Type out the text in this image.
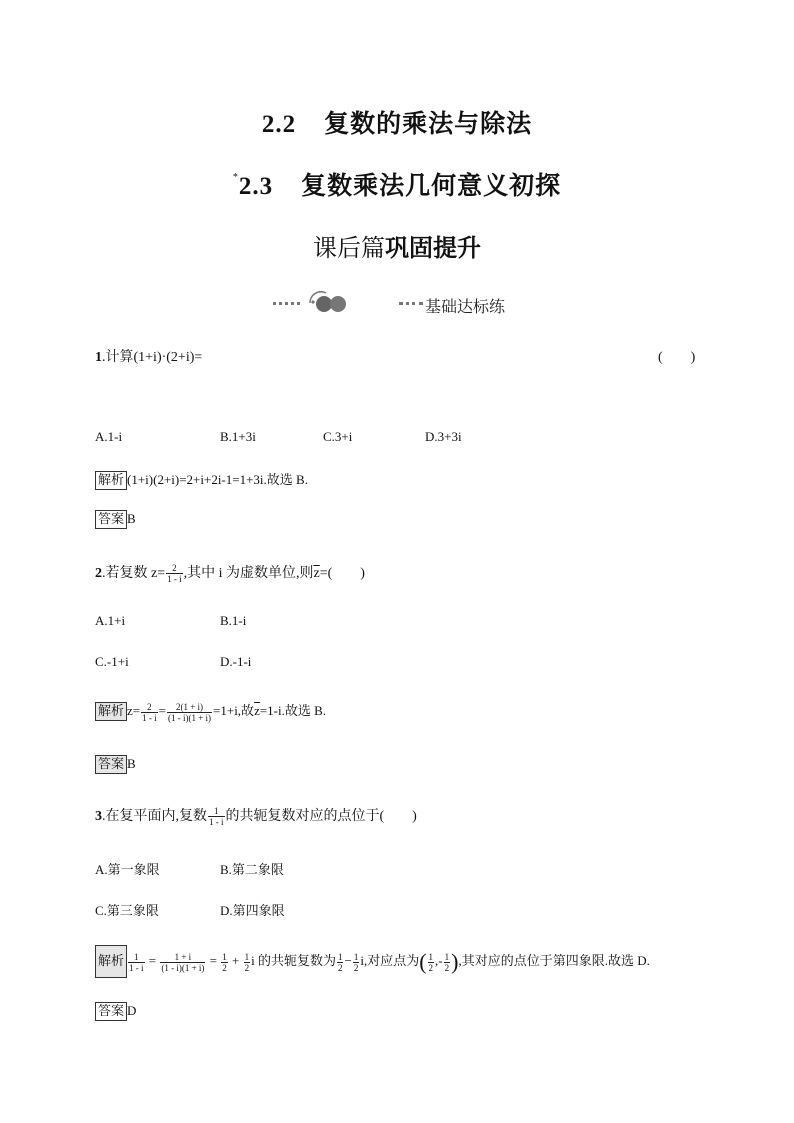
2.2 复数的乘法与除法
*2.3 复数乘法几何意义初探
课后篇巩固提升
基础达标练
1.计算(1+i)·(2+i)=	(　　)
A.1-i	B.1+3i	C.3+i	D.3+3i
解析 (1+i)(2+i)=2+i+2i-1=1+3i.故选 B.
答案 B
2.若复数 $z= \frac{2}{1 - i}$ ,其中 i 为虚数单位,则$\overline{z}=$(　　)
A.1+i	B.1-i
C.-1+i	D.-1-i
解析 $z= \frac{2}{1 - i} = \frac{2(1 + i)}{(1 - i)(1 + i)} =1+i$,故$\overline{z}=1-i$.故选 B.
答案 B
3.在复平面内,复数 $\frac{1}{1 - i}$ 的共轭复数对应的点位于(　　)
A.第一象限	B.第二象限
C.第三象限	D.第四象限
解析 $\frac{1}{1 - i} = \frac{1 + i}{(1 - i)(1 + i)} = \frac{1}{2} + \frac{1}{2}$ i 的共轭复数为 $\frac{1}{2} - \frac{1}{2} i$,对应点为( $\frac{1}{2}$ ,- $\frac{1}{2}$ ),其对应的点位于第四象限.故选 D.
答案 D
